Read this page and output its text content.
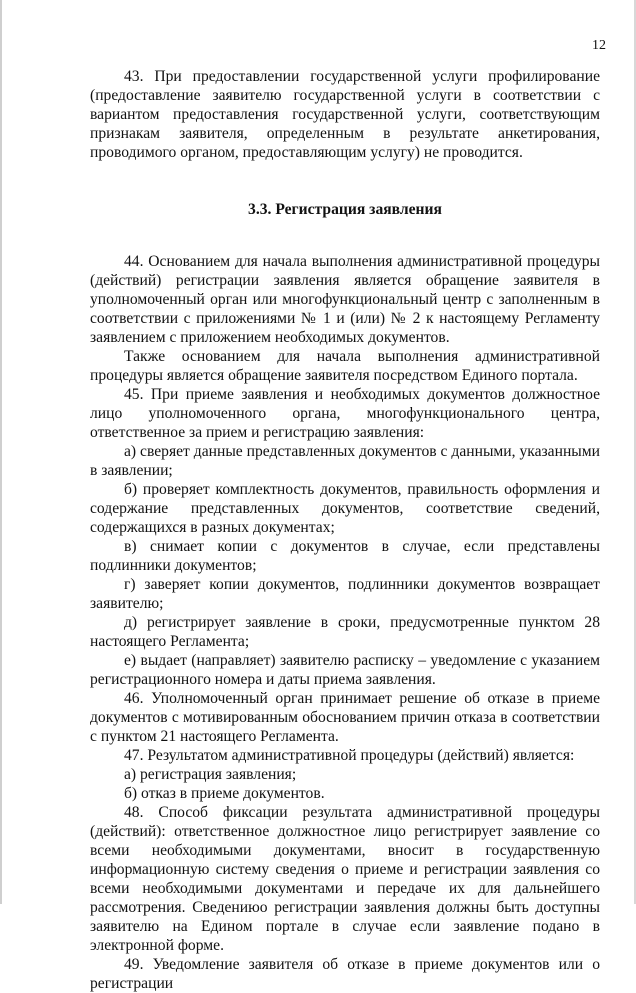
12

43. При предоставлении государственной услуги профилирование (предоставление заявителю государственной услуги в соответствии с вариантом предоставления государственной услуги, соответствующим признакам заявителя, определенным в результате анкетирования, проводимого органом, предоставляющим услугу) не проводится.

3.3. Регистрация заявления

44. Основанием для начала выполнения административной процедуры (действий) регистрации заявления является обращение заявителя в уполномоченный орган или многофункциональный центр с заполненным в соответствии с приложениями № 1 и (или) № 2 к настоящему Регламенту заявлением с приложением необходимых документов.

Также основанием для начала выполнения административной процедуры является обращение заявителя посредством Единого портала.

45. При приеме заявления и необходимых документов должностное лицо уполномоченного органа, многофункционального центра, ответственное за прием и регистрацию заявления:

а) сверяет данные представленных документов с данными, указанными в заявлении;

б) проверяет комплектность документов, правильность оформления и содержание представленных документов, соответствие сведений, содержащихся в разных документах;

в) снимает копии с документов в случае, если представлены подлинники документов;

г) заверяет копии документов, подлинники документов возвращает заявителю;

д) регистрирует заявление в сроки, предусмотренные пунктом 28 настоящего Регламента;

е) выдает (направляет) заявителю расписку – уведомление с указанием регистрационного номера и даты приема заявления.

46. Уполномоченный орган принимает решение об отказе в приеме документов с мотивированным обоснованием причин отказа в соответствии с пунктом 21 настоящего Регламента.

47. Результатом административной процедуры (действий) является:

а) регистрация заявления;

б) отказ в приеме документов.

48. Способ фиксации результата административной процедуры (действий): ответственное должностное лицо регистрирует заявление со всеми необходимыми документами, вносит в государственную информационную систему сведения о приеме и регистрации заявления со всеми необходимыми документами и передаче их для дальнейшего рассмотрения. Сведениюо регистрации заявления должны быть доступны заявителю на Едином портале в случае если заявление подано в электронной форме.

49. Уведомление заявителя об отказе в приеме документов или о регистрации
